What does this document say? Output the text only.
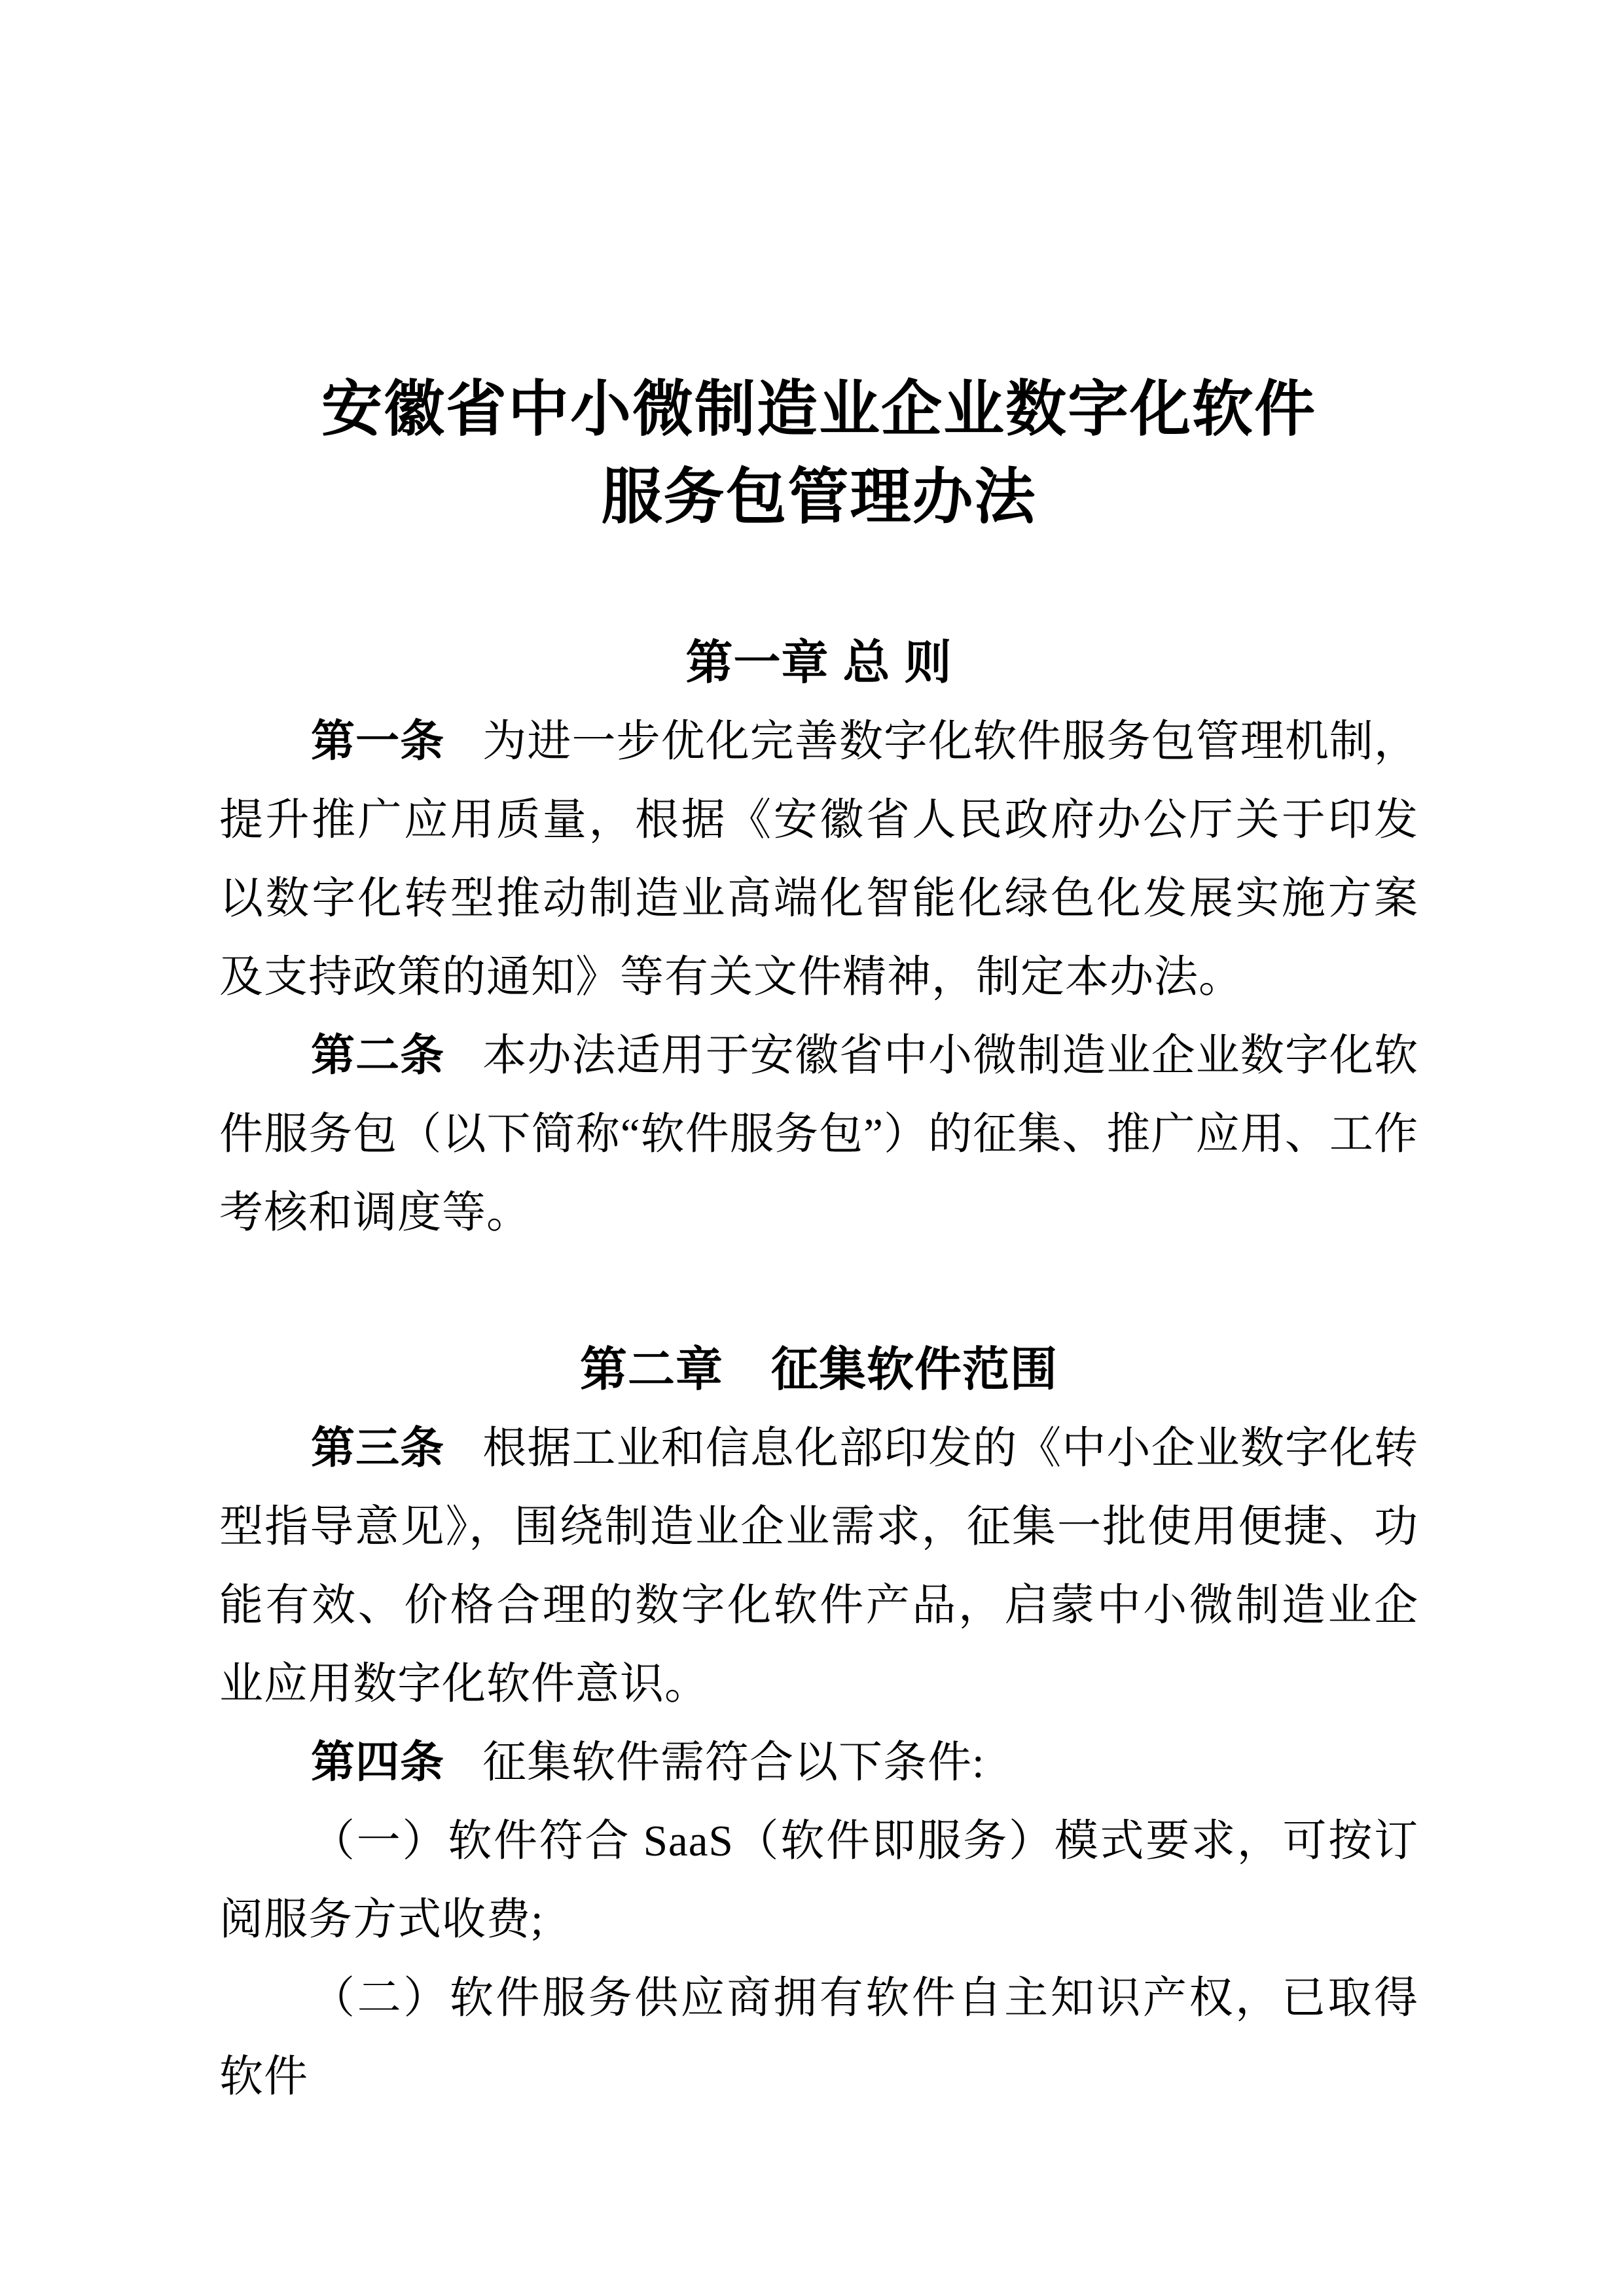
安徽省中小微制造业企业数字化软件
服务包管理办法
第一章 总 则

第一条 为进一步优化完善数字化软件服务包管理机制，提升推广应用质量，根据《安徽省人民政府办公厅关于印发以数字化转型推动制造业高端化智能化绿色化发展实施方案及支持政策的通知》等有关文件精神，制定本办法。

第二条 本办法适用于安徽省中小微制造业企业数字化软件服务包（以下简称“软件服务包”）的征集、推广应用、工作考核和调度等。

第二章　征集软件范围

第三条 根据工业和信息化部印发的《中小企业数字化转型指导意见》，围绕制造业企业需求，征集一批使用便捷、功能有效、价格合理的数字化软件产品，启蒙中小微制造业企业应用数字化软件意识。

第四条 征集软件需符合以下条件:

（一）软件符合 SaaS（软件即服务）模式要求，可按订阅服务方式收费;

（二）软件服务供应商拥有软件自主知识产权，已取得软件
